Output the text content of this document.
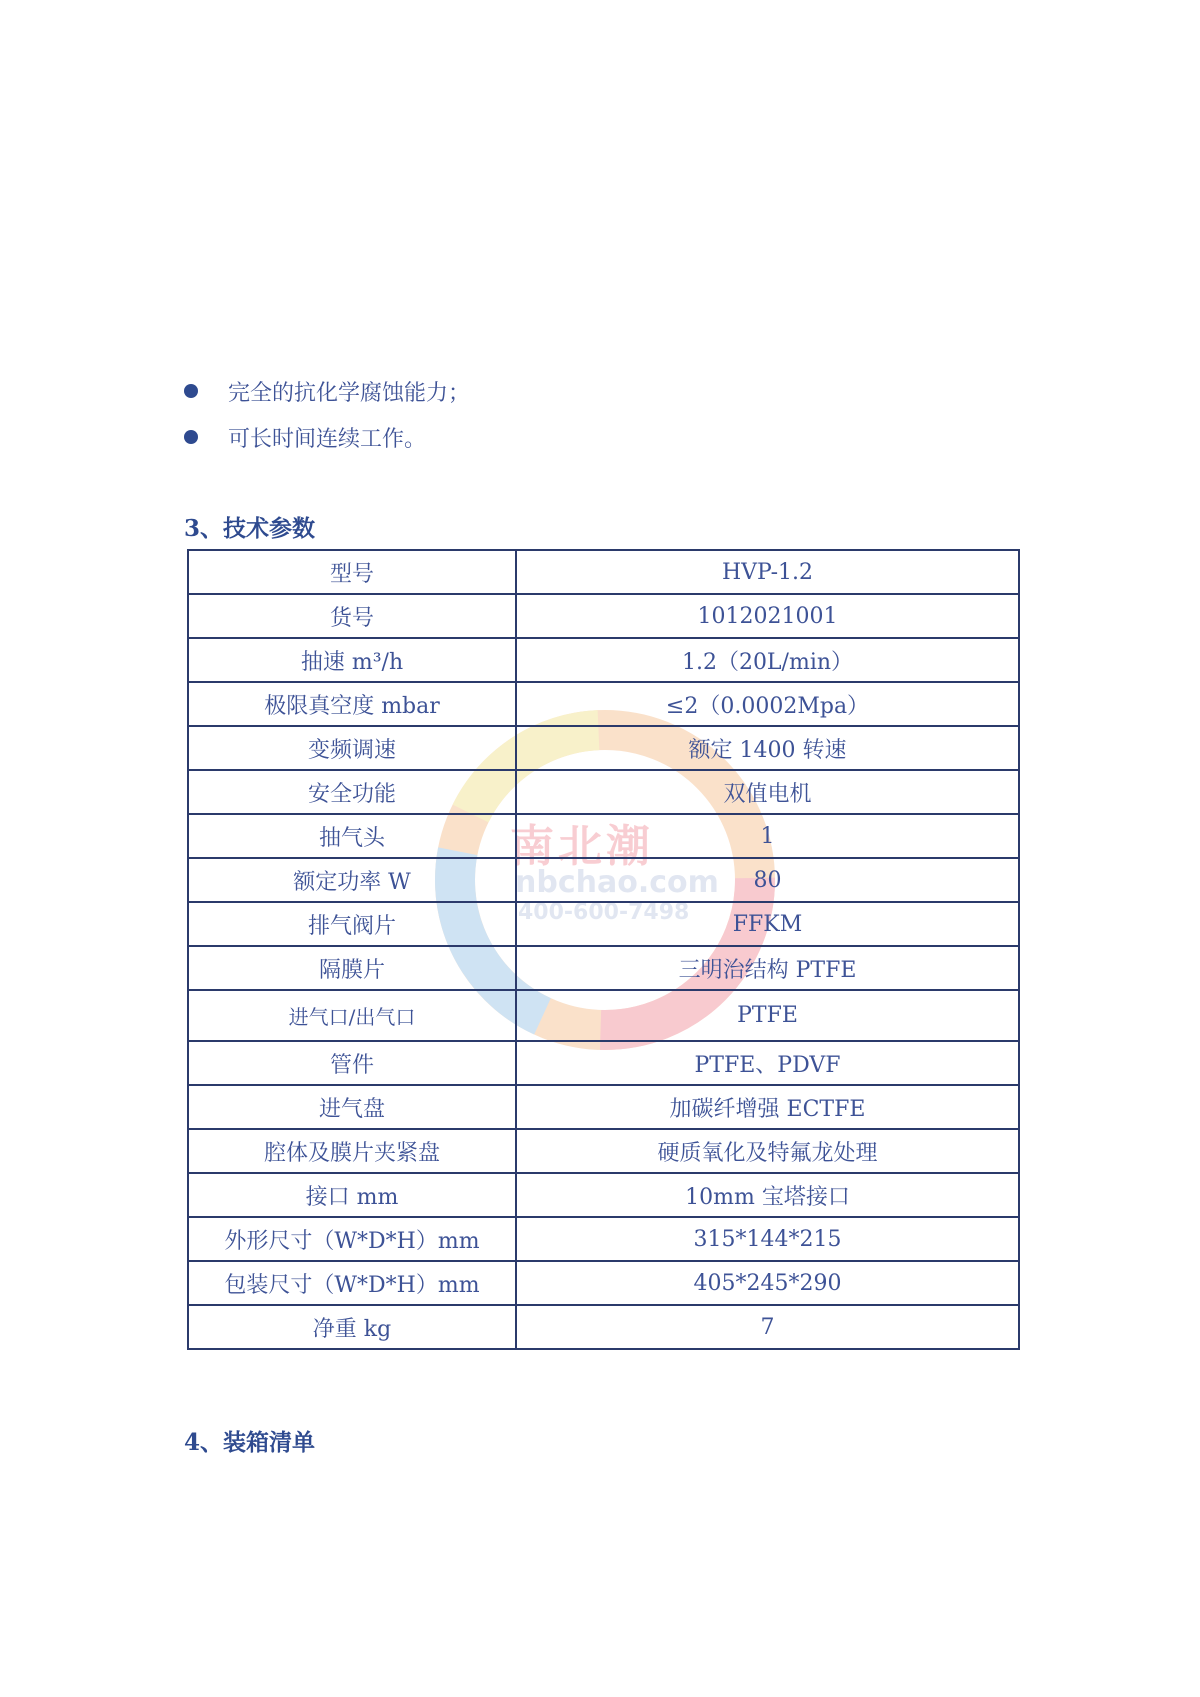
完全的抗化学腐蚀能力；
可长时间连续工作。
3、技术参数
南北潮
nbchao.com
400-600-7498
型号	HVP-1.2
货号	1012021001
抽速 m³/h	1.2（20L/min）
极限真空度 mbar	≤2（0.0002Mpa）
变频调速	额定 1400 转速
安全功能	双值电机
抽气头	1
额定功率 W	80
排气阀片	FFKM
隔膜片	三明治结构 PTFE
进气口/出气口	PTFE
管件	PTFE、PDVF
进气盘	加碳纤增强 ECTFE
腔体及膜片夹紧盘	硬质氧化及特氟龙处理
接口 mm	10mm 宝塔接口
外形尺寸（W*D*H）mm	315*144*215
包装尺寸（W*D*H）mm	405*245*290
净重 kg	7
4、装箱清单
